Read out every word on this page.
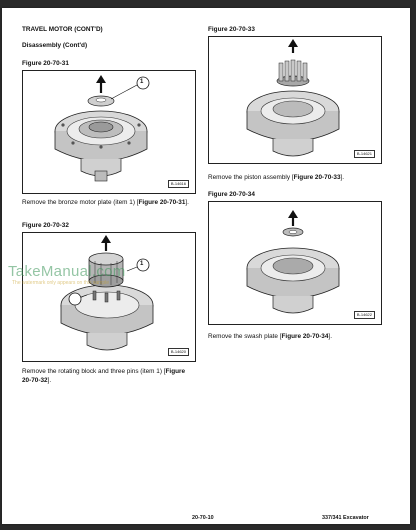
TRAVEL MOTOR (CONT'D)
Disassembly (Cont'd)
Figure 20-70-31
1
B-14616
Remove the bronze motor plate (item 1) [Figure 20-70-31].
Figure 20-70-32
1
B-14620
Remove the rotating block and three pins (item 1) [Figure 20-70-32].
Figure 20-70-33
B-14621
Remove the piston assembly [Figure 20-70-33].
Figure 20-70-34
B-14622
Remove the swash plate [Figure 20-70-34].
TakeManual.com
The watermark only appears on this sample
20-70-10	337/341 Excavator
